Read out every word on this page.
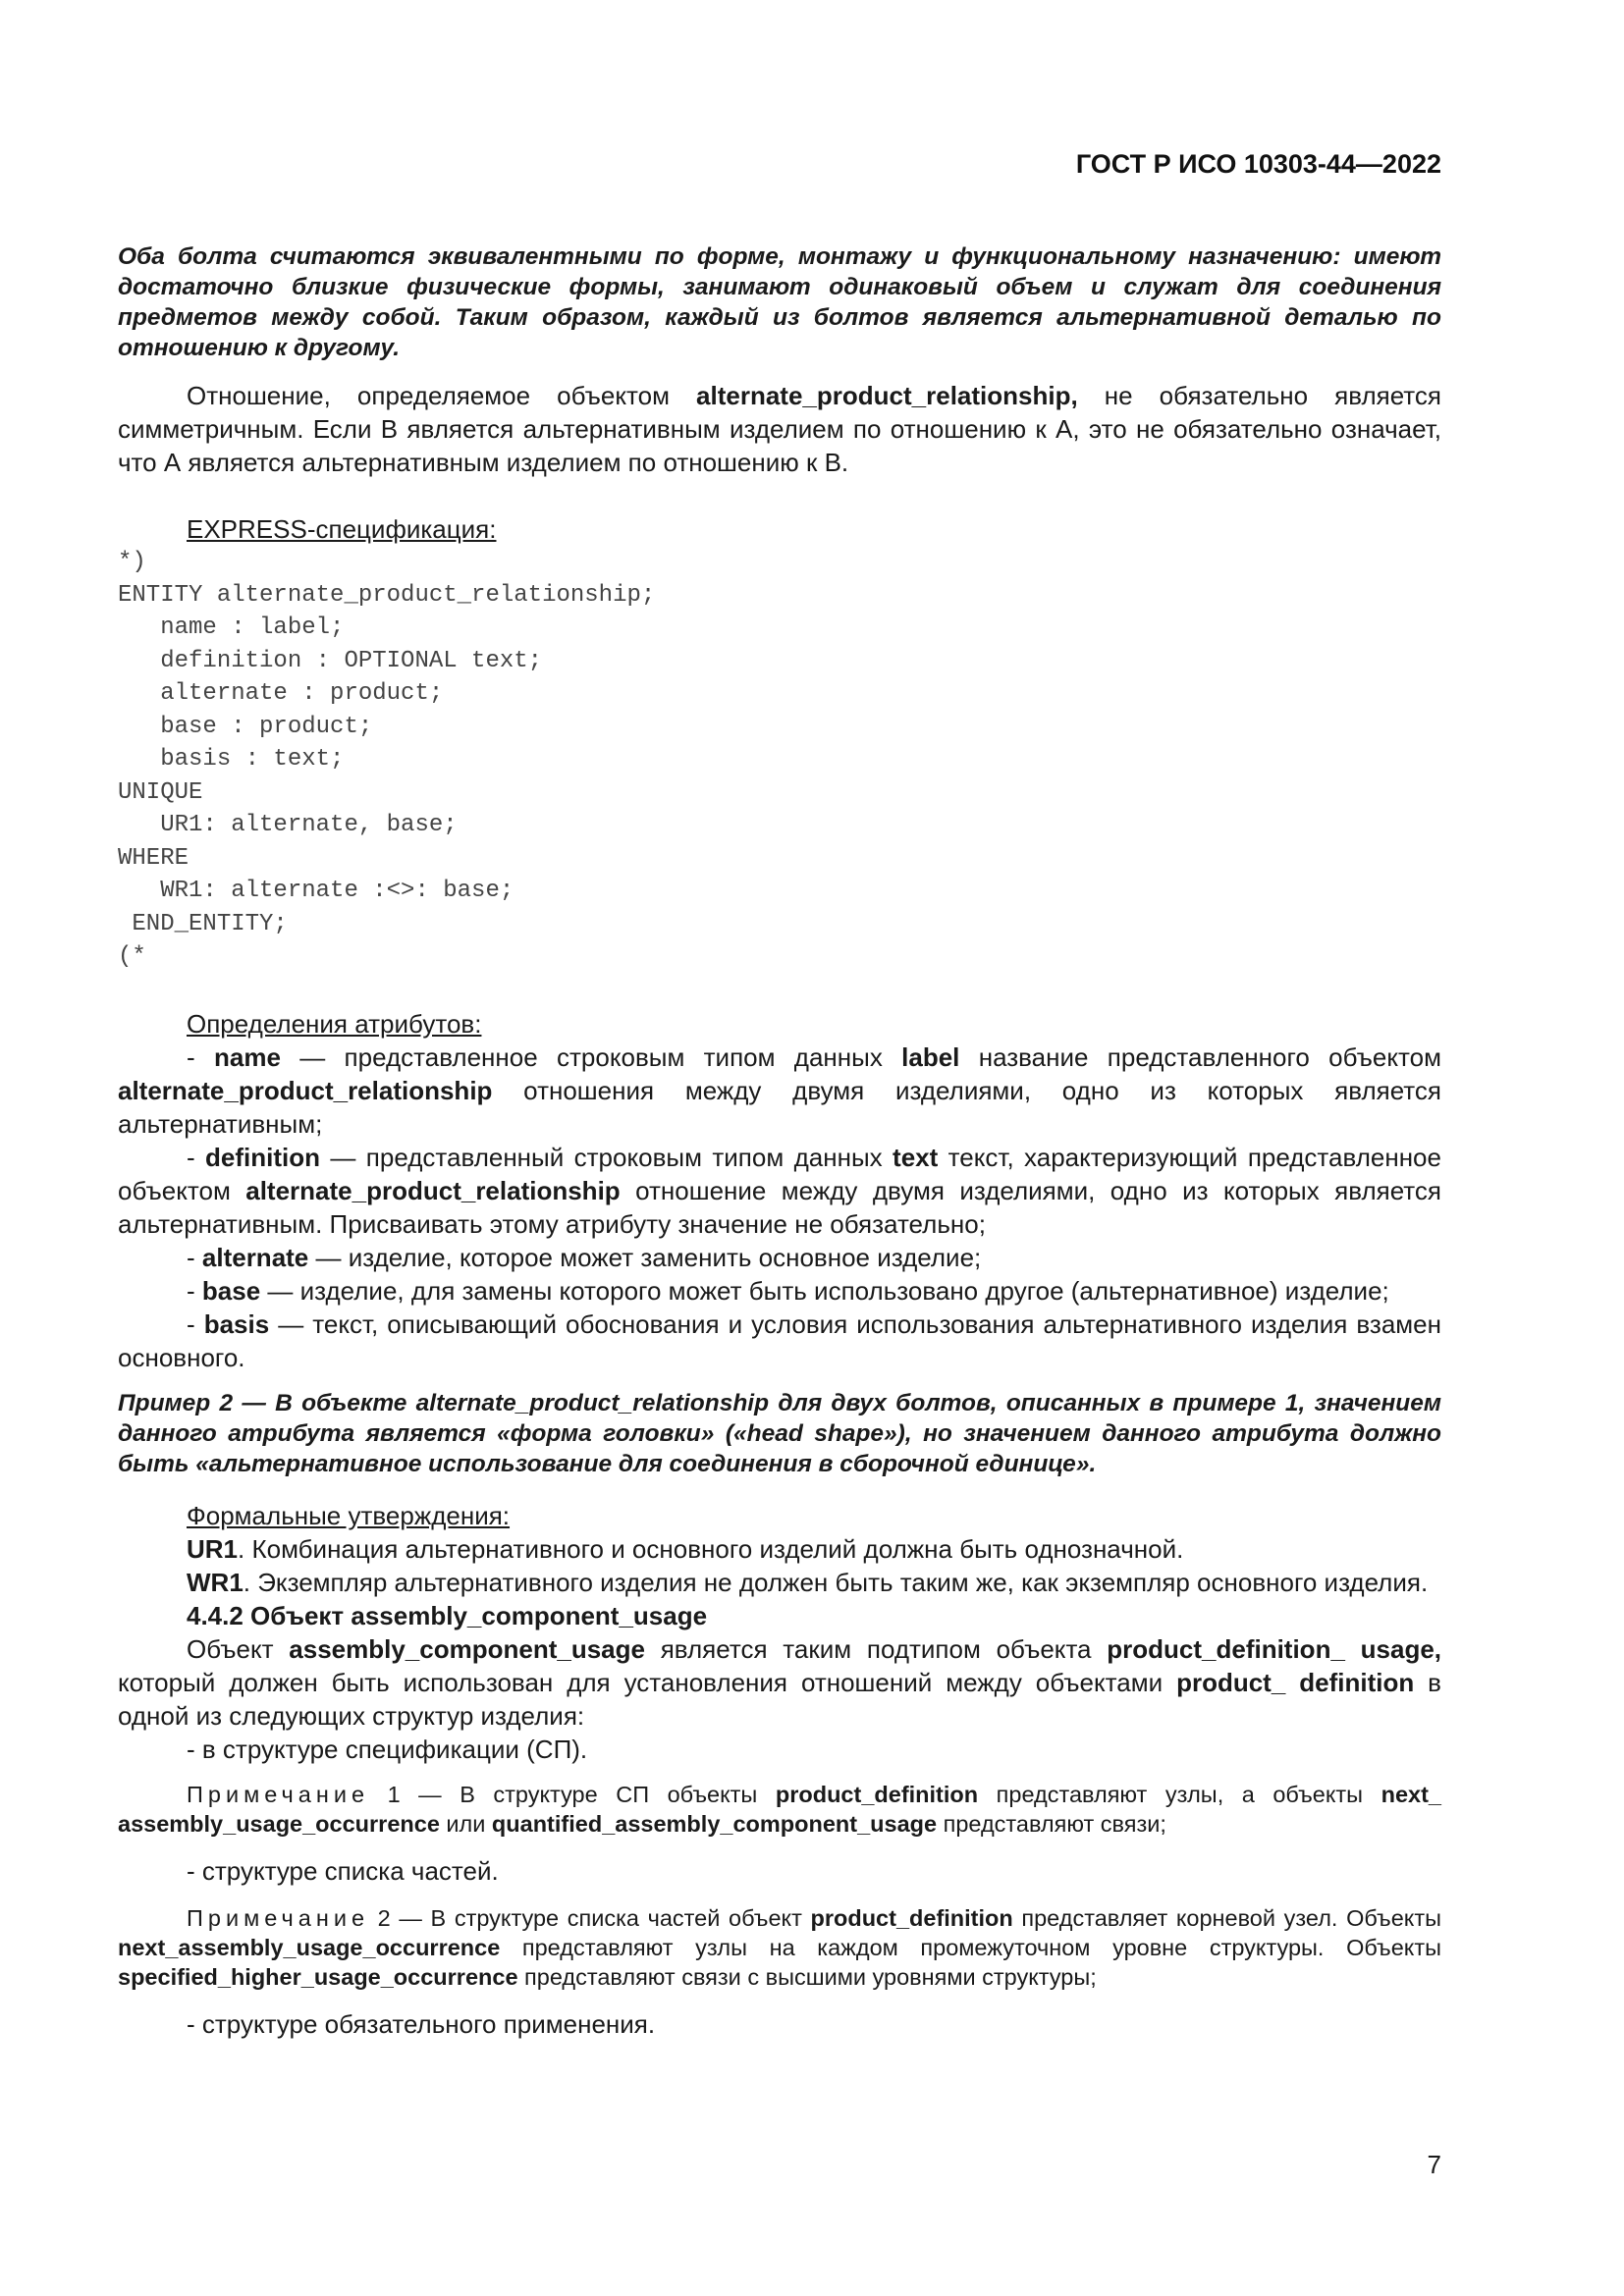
ГОСТ Р ИСО 10303-44—2022

Оба болта считаются эквивалентными по форме, монтажу и функциональному назначению: имеют достаточно близкие физические формы, занимают одинаковый объем и служат для соединения предметов между собой. Таким образом, каждый из болтов является альтернативной деталью по отношению к другому.

Отношение, определяемое объектом alternate_product_relationship, не обязательно является симметричным. Если В является альтернативным изделием по отношению к А, это не обязательно означает, что А является альтернативным изделием по отношению к В.

EXPRESS-спецификация:
*)
ENTITY alternate_product_relationship;
name : label;
definition : OPTIONAL text;
alternate : product;
base : product;
basis : text;
UNIQUE
UR1: alternate, base;
WHERE
WR1: alternate :<>: base;
END_ENTITY;
(*
Определения атрибутов:

- name — представленное строковым типом данных label название представленного объектом alternate_product_relationship отношения между двумя изделиями, одно из которых является альтернативным;

- definition — представленный строковым типом данных text текст, характеризующий представленное объектом alternate_product_relationship отношение между двумя изделиями, одно из которых является альтернативным. Присваивать этому атрибуту значение не обязательно;

- alternate — изделие, которое может заменить основное изделие;

- base — изделие, для замены которого может быть использовано другое (альтернативное) изделие;

- basis — текст, описывающий обоснования и условия использования альтернативного изделия взамен основного.

Пример 2 — В объекте alternate_product_relationship для двух болтов, описанных в примере 1, значением данного атрибута является «форма головки» («head shape»), но значением данного атрибута должно быть «альтернативное использование для соединения в сборочной единице».

Формальные утверждения:

UR1. Комбинация альтернативного и основного изделий должна быть однозначной.

WR1. Экземпляр альтернативного изделия не должен быть таким же, как экземпляр основного изделия.

4.4.2 Объект assembly_component_usage

Объект assembly_component_usage является таким подтипом объекта product_definition_ usage, который должен быть использован для установления отношений между объектами product_ definition в одной из следующих структур изделия:

- в структуре спецификации (СП).

Примечание 1 — В структуре СП объекты product_definition представляют узлы, а объекты next_ assembly_usage_occurrence или quantified_assembly_component_usage представляют связи;

- структуре списка частей.

Примечание 2 — В структуре списка частей объект product_definition представляет корневой узел. Объекты next_assembly_usage_occurrence представляют узлы на каждом промежуточном уровне структуры. Объекты specified_higher_usage_occurrence представляют связи с высшими уровнями структуры;

- структуре обязательного применения.

7
